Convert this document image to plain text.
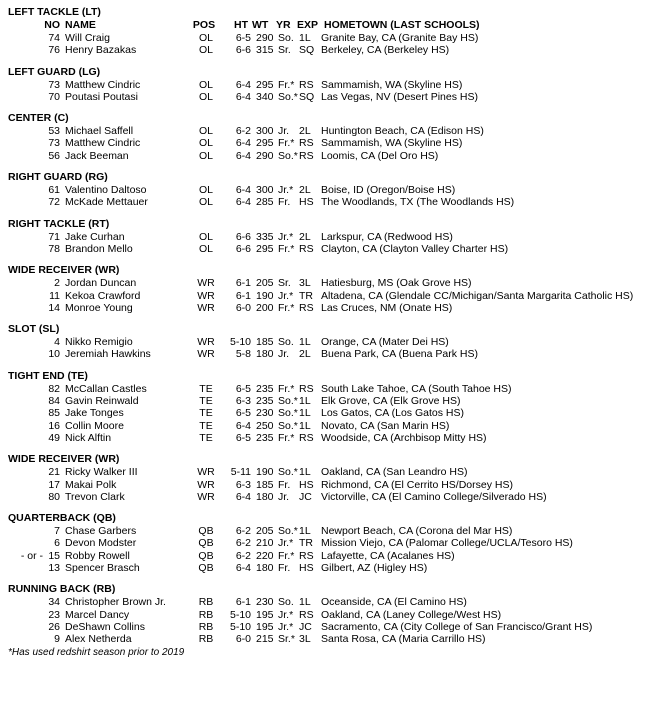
LEFT TACKLE (LT)
NO NAME	POS	HT WT YR EXP HOMETOWN (LAST SCHOOLS)
74 Will Craig	OL	6-5 290 So. 1L Granite Bay, CA (Granite Bay HS)
76 Henry Bazakas	OL	6-6 315 Sr. SQ Berkeley, CA (Berkeley HS)
LEFT GUARD (LG)
73 Matthew Cindric	OL	6-4 295 Fr.* RS Sammamish, WA (Skyline HS)
70 Poutasi Poutasi	OL	6-4 340 So.* SQ Las Vegas, NV (Desert Pines HS)
CENTER (C)
53 Michael Saffell	OL	6-2 300 Jr. 2L Huntington Beach, CA (Edison HS)
73 Matthew Cindric	OL	6-4 295 Fr.* RS Sammamish, WA (Skyline HS)
56 Jack Beeman	OL	6-4 290 So.* RS Loomis, CA (Del Oro HS)
RIGHT GUARD (RG)
61 Valentino Daltoso	OL	6-4 300 Jr.* 2L Boise, ID (Oregon/Boise HS)
72 McKade Mettauer	OL	6-4 285 Fr. HS The Woodlands, TX (The Woodlands HS)
RIGHT TACKLE (RT)
71 Jake Curhan	OL	6-6 335 Jr.* 2L Larkspur, CA (Redwood HS)
78 Brandon Mello	OL	6-6 295 Fr.* RS Clayton, CA (Clayton Valley Charter HS)
WIDE RECEIVER (WR)
2 Jordan Duncan	WR	6-1 205 Sr. 3L Hatiesburg, MS (Oak Grove HS)
11 Kekoa Crawford	WR	6-1 190 Jr.* TR Altadena, CA (Glendale CC/Michigan/Santa Margarita Catholic HS)
14 Monroe Young	WR	6-0 200 Fr.* RS Las Cruces, NM (Onate HS)
SLOT (SL)
4 Nikko Remigio	WR	5-10 185 So. 1L Orange, CA (Mater Dei HS)
10 Jeremiah Hawkins	WR	5-8 180 Jr. 2L Buena Park, CA (Buena Park HS)
TIGHT END (TE)
82 McCallan Castles	TE	6-5 235 Fr.* RS South Lake Tahoe, CA (South Tahoe HS)
84 Gavin Reinwald	TE	6-3 235 So.* 1L Elk Grove, CA (Elk Grove HS)
85 Jake Tonges	TE	6-5 230 So.* 1L Los Gatos, CA (Los Gatos HS)
16 Collin Moore	TE	6-4 250 So.* 1L Novato, CA (San Marin HS)
49 Nick Alftin	TE	6-5 235 Fr.* RS Woodside, CA (Archbisop Mitty HS)
WIDE RECEIVER (WR)
21 Ricky Walker III	WR	5-11 190 So.* 1L Oakland, CA (San Leandro HS)
17 Makai Polk	WR	6-3 185 Fr. HS Richmond, CA (El Cerrito HS/Dorsey HS)
80 Trevon Clark	WR	6-4 180 Jr. JC Victorville, CA (El Camino College/Silverado HS)
QUARTERBACK (QB)
7 Chase Garbers	QB	6-2 205 So.* 1L Newport Beach, CA (Corona del Mar HS)
6 Devon Modster	QB	6-2 210 Jr.* TR Mission Viejo, CA (Palomar College/UCLA/Tesoro HS)
- or - 15 Robby Rowell	QB	6-2 220 Fr.* RS Lafayette, CA (Acalanes HS)
13 Spencer Brasch	QB	6-4 180 Fr. HS Gilbert, AZ (Higley HS)
RUNNING BACK (RB)
34 Christopher Brown Jr.	RB	6-1 230 So. 1L Oceanside, CA (El Camino HS)
23 Marcel Dancy	RB	5-10 195 Jr.* RS Oakland, CA (Laney College/West HS)
26 DeShawn Collins	RB	5-10 195 Jr.* JC Sacramento, CA (City College of San Francisco/Grant HS)
9 Alex Netherda	RB	6-0 215 Sr.* 3L Santa Rosa, CA (Maria Carrillo HS)
*Has used redshirt season prior to 2019
